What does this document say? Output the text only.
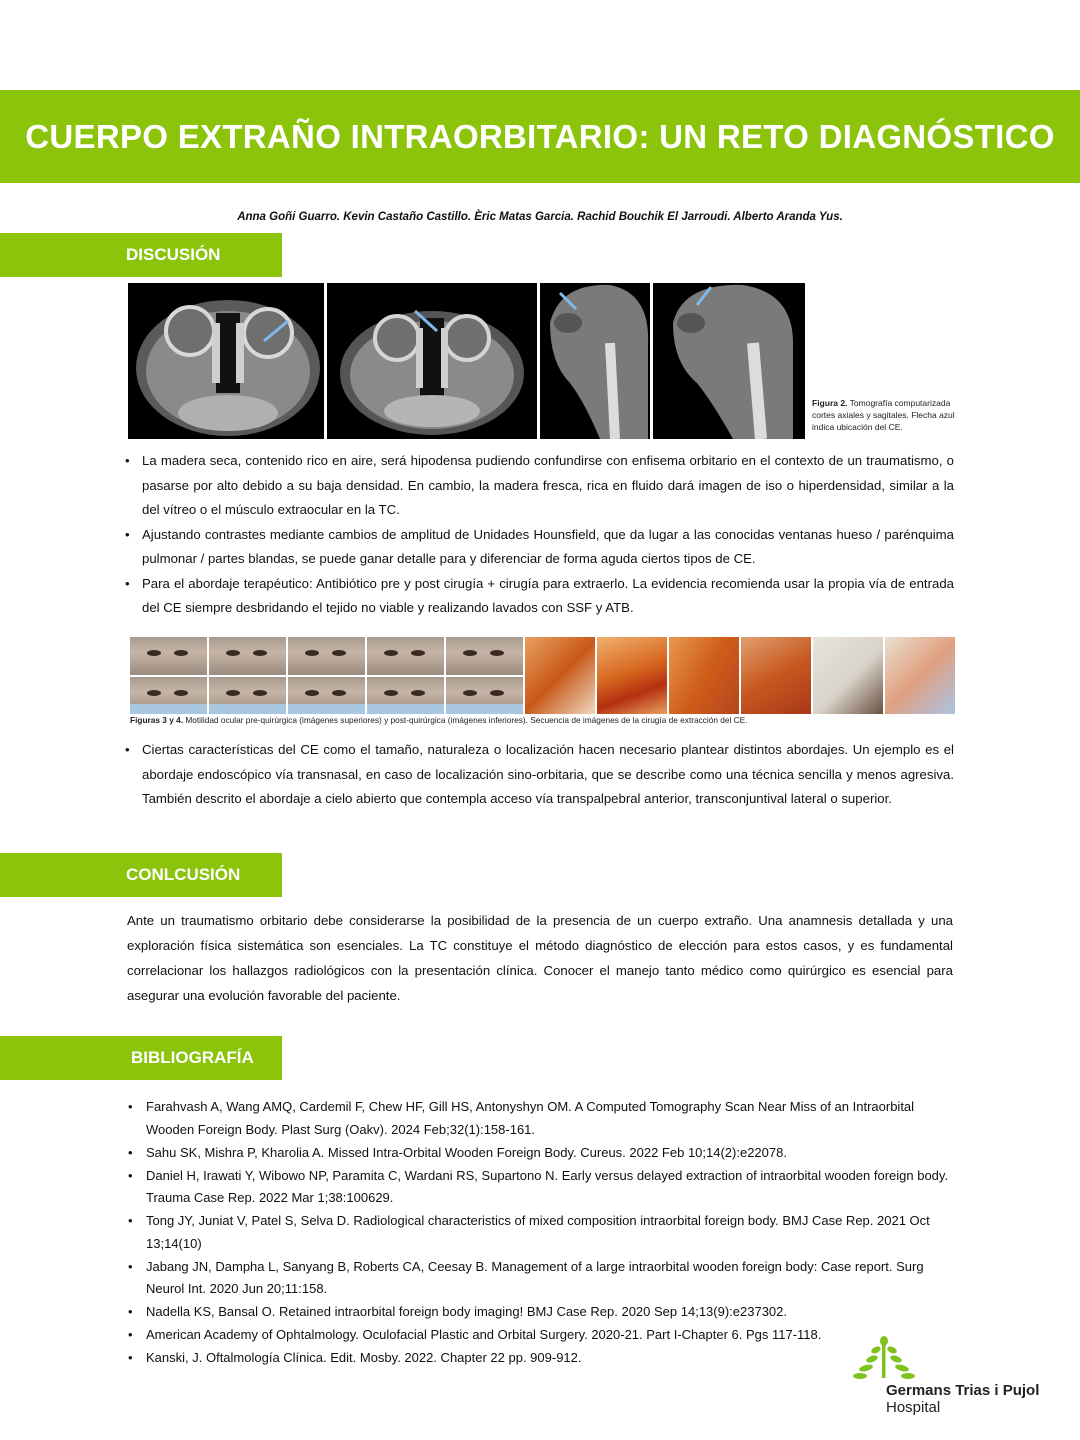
CUERPO EXTRAÑO INTRAORBITARIO: UN RETO DIAGNÓSTICO
Anna Goñi Guarro. Kevin Castaño Castillo. Èric Matas Garcia. Rachid Bouchik El Jarroudi. Alberto Aranda Yus.
DISCUSIÓN
Figura 2. Tomografía computarizada cortes axiales y sagitales. Flecha azul indica ubicación del CE.
• La madera seca, contenido rico en aire, será hipodensa pudiendo confundirse con enfisema orbitario en el contexto de un traumatismo, o pasarse por alto debido a su baja densidad. En cambio, la madera fresca, rica en fluido dará imagen de iso o hiperdensidad, similar a la del vítreo o el músculo extraocular en la TC.
• Ajustando contrastes mediante cambios de amplitud de Unidades Hounsfield, que da lugar a las conocidas ventanas hueso / parénquima pulmonar / partes blandas, se puede ganar detalle para y diferenciar de forma aguda ciertos tipos de CE.
• Para el abordaje terapéutico: Antibiótico pre y post cirugía + cirugía para extraerlo. La evidencia recomienda usar la propia vía de entrada del CE siempre desbridando el tejido no viable y realizando lavados con SSF y ATB.
Figuras 3 y 4. Motilidad ocular pre-quirúrgica (imágenes superiores) y post-quirúrgica (imágenes inferiores). Secuencia de imágenes de la cirugía de extracción del CE.
• Ciertas características del CE como el tamaño, naturaleza o localización hacen necesario plantear distintos abordajes. Un ejemplo es el abordaje endoscópico vía transnasal, en caso de localización sino-orbitaria, que se describe como una técnica sencilla y menos agresiva. También descrito el abordaje a cielo abierto que contempla acceso vía transpalpebral anterior, transconjuntival lateral o superior.
CONLCUSIÓN

Ante un traumatismo orbitario debe considerarse la posibilidad de la presencia de un cuerpo extraño. Una anamnesis detallada y una exploración física sistemática son esenciales. La TC constituye el método diagnóstico de elección para estos casos, y es fundamental correlacionar los hallazgos radiológicos con la presentación clínica. Conocer el manejo tanto médico como quirúrgico es esencial para asegurar una evolución favorable del paciente.

BIBLIOGRAFÍA
• Farahvash A, Wang AMQ, Cardemil F, Chew HF, Gill HS, Antonyshyn OM. A Computed Tomography Scan Near Miss of an Intraorbital Wooden Foreign Body. Plast Surg (Oakv). 2024 Feb;32(1):158-161.
• Sahu SK, Mishra P, Kharolia A. Missed Intra-Orbital Wooden Foreign Body. Cureus. 2022 Feb 10;14(2):e22078.
• Daniel H, Irawati Y, Wibowo NP, Paramita C, Wardani RS, Supartono N. Early versus delayed extraction of intraorbital wooden foreign body. Trauma Case Rep. 2022 Mar 1;38:100629.
• Tong JY, Juniat V, Patel S, Selva D. Radiological characteristics of mixed composition intraorbital foreign body. BMJ Case Rep. 2021 Oct 13;14(10)
• Jabang JN, Dampha L, Sanyang B, Roberts CA, Ceesay B. Management of a large intraorbital wooden foreign body: Case report. Surg Neurol Int. 2020 Jun 20;11:158.
• Nadella KS, Bansal O. Retained intraorbital foreign body imaging! BMJ Case Rep. 2020 Sep 14;13(9):e237302.
• American Academy of Ophtalmology. Oculofacial Plastic and Orbital Surgery. 2020-21. Part I-Chapter 6. Pgs 117-118.
• Kanski, J. Oftalmología Clínica. Edit. Mosby. 2022. Chapter 22 pp. 909-912.
Germans Trias i Pujol
Hospital
